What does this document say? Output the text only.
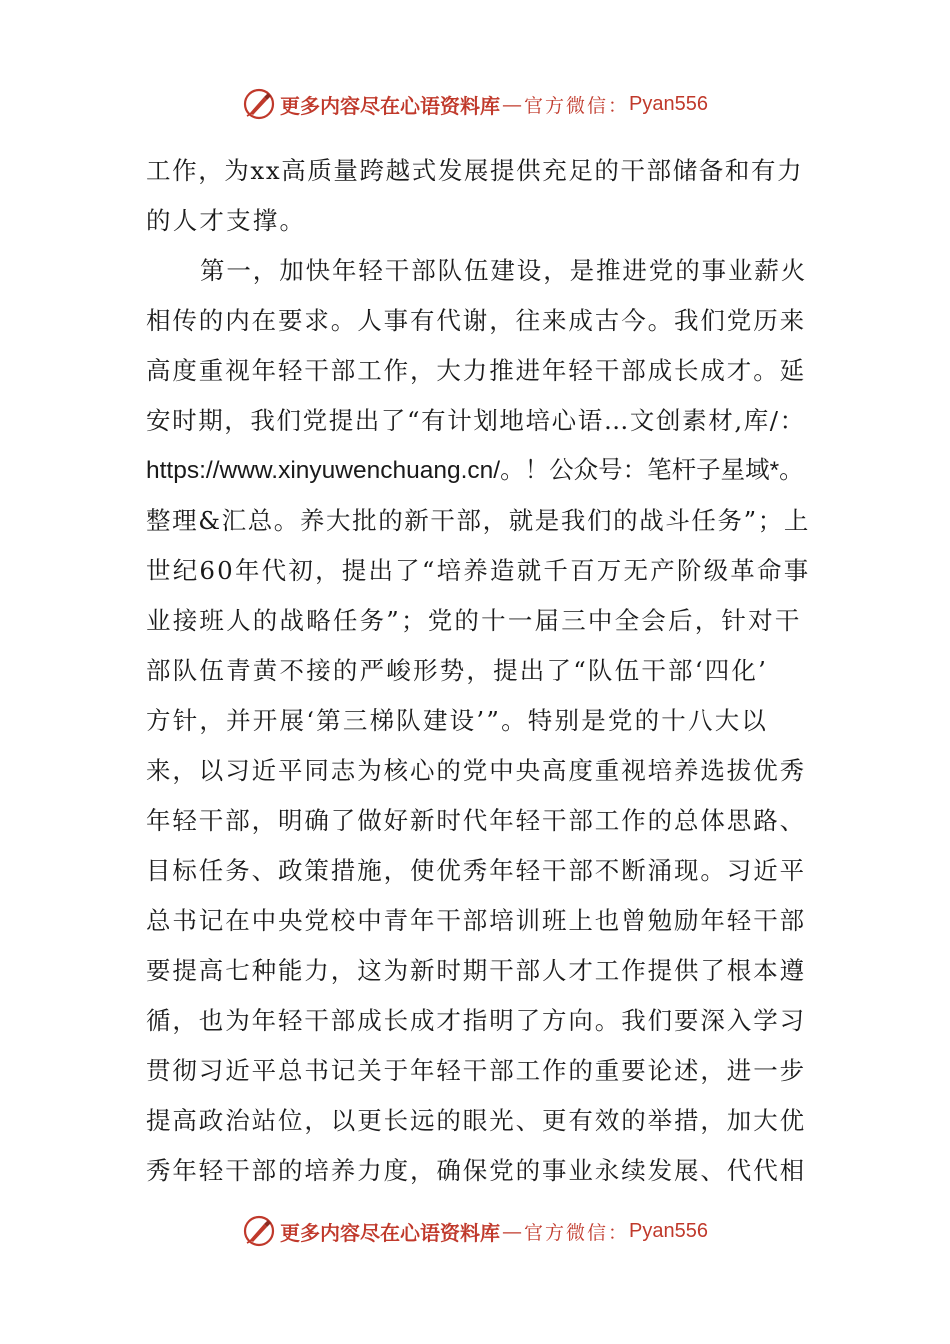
更多内容尽在心语资料库 — 官方微信： Pyan556
工作，为xx高质量跨越式发展提供充足的干部储备和有力
的人才支撑。
第一，加快年轻干部队伍建设，是推进党的事业薪火
相传的内在要求。人事有代谢，往来成古今。我们党历来
高度重视年轻干部工作，大力推进年轻干部成长成才。延
安时期，我们党提出了“有计划地培心语…文创素材,库/：
https://www.xinyuwenchuang.cn/。！公众号：笔杆子星域*。
整理&汇总。养大批的新干部，就是我们的战斗任务”；上
世纪60年代初，提出了“培养造就千百万无产阶级革命事
业接班人的战略任务”；党的十一届三中全会后，针对干
部队伍青黄不接的严峻形势，提出了“队伍干部‘四化’
方针，并开展‘第三梯队建设’”。特别是党的十八大以
来，以习近平同志为核心的党中央高度重视培养选拔优秀
年轻干部，明确了做好新时代年轻干部工作的总体思路、
目标任务、政策措施，使优秀年轻干部不断涌现。习近平
总书记在中央党校中青年干部培训班上也曾勉励年轻干部
要提高七种能力，这为新时期干部人才工作提供了根本遵
循，也为年轻干部成长成才指明了方向。我们要深入学习
贯彻习近平总书记关于年轻干部工作的重要论述，进一步
提高政治站位，以更长远的眼光、更有效的举措，加大优
秀年轻干部的培养力度，确保党的事业永续发展、代代相
更多内容尽在心语资料库 — 官方微信： Pyan556
